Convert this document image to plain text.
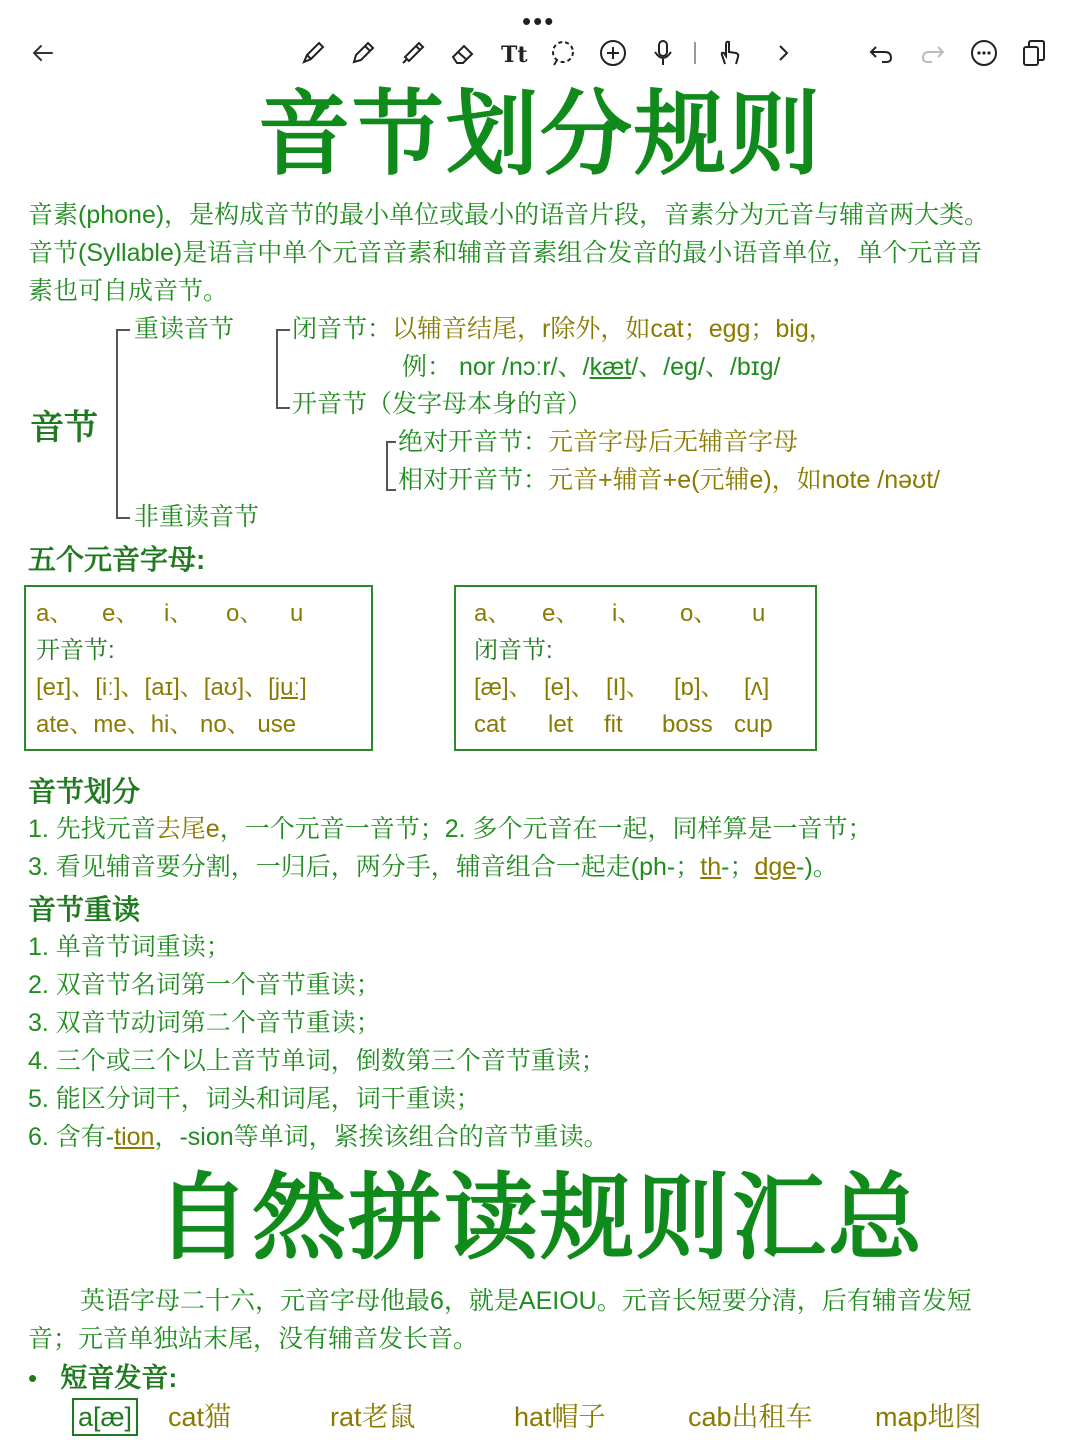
•••
Tt
音节划分规则
音素(phone)，是构成音节的最小单位或最小的语音片段，音素分为元音与辅音两大类。
音节(Syllable)是语言中单个元音音素和辅音音素组合发音的最小语音单位，单个元音音
素也可自成音节。
音节
重读音节
非重读音节
闭音节：以辅音结尾，r除外，如cat；egg；big，
例： nor /nɔːr/、/kæt/、/eg/、/bɪg/
开音节（发字母本身的音）
绝对开音节：元音字母后无辅音字母
相对开音节：元音+辅音+e(元辅e)，如note /nəʊt/
五个元音字母:
a、 e、 i、 o、 u
开音节:
[eɪ]、[iː]、[aɪ]、[aʊ]、[juː]
ate、me、hi、 no、 use
a、 e、 i、 o、 u
闭音节:
[æ]、 [e]、 [I]、 [ɒ]、 [ʌ]
cat let fit boss cup
音节划分
1. 先找元音去尾e，一个元音一音节；2. 多个元音在一起，同样算是一音节；
3. 看见辅音要分割，一归后，两分手，辅音组合一起走(ph-；th-；dge-)。
音节重读
1. 单音节词重读；
2. 双音节名词第一个音节重读；
3. 双音节动词第二个音节重读；
4. 三个或三个以上音节单词，倒数第三个音节重读；
5. 能区分词干，词头和词尾，词干重读；
6. 含有-tion，-sion等单词，紧挨该组合的音节重读。
自然拼读规则汇总
英语字母二十六，元音字母他最6，就是AEIOU。元音长短要分清，后有辅音发短
音；元音单独站末尾，没有辅音发长音。
• 短音发音:
a[æ] cat猫	rat老鼠	hat帽子	cab出租车 map地图
